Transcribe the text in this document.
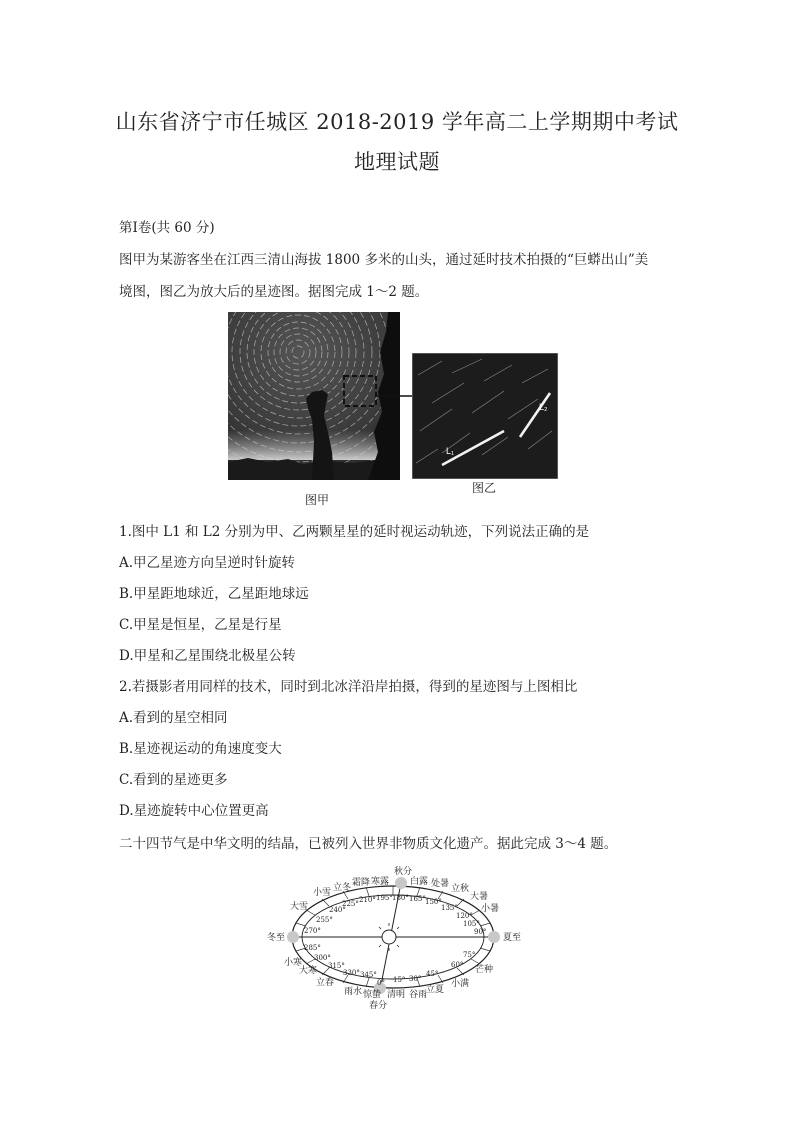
山东省济宁市任城区 2018-2019 学年高二上学期期中考试
地理试题
第Ⅰ卷(共 60 分)
图甲为某游客坐在江西三清山海拔 1800 多米的山头，通过延时技术拍摄的“巨蟒出山”美
境图，图乙为放大后的星迹图。据图完成 1～2 题。
L₁
L₂
图甲
图乙
1.图中 L1 和 L2 分别为甲、乙两颗星星的延时视运动轨迹，下列说法正确的是
A.甲乙星迹方向呈逆时针旋转
B.甲星距地球近，乙星距地球远
C.甲星是恒星，乙星是行星
D.甲星和乙星围绕北极星公转
2.若摄影者用同样的技术，同时到北冰洋沿岸拍摄，得到的星迹图与上图相比
A.看到的星空相同
B.星迹视运动的角速度变大
C.看到的星迹更多
D.星迹旋转中心位置更高
二十四节气是中华文明的结晶，已被列入世界非物质文化遗产。据此完成 3～4 题。
秋分
白露 处暑 立秋
大暑
小暑
夏至
芒种
小满
立夏
谷雨
清明
春分
惊蛰
雨水
立春
大寒
小寒
冬至
大雪
小雪 立冬 霜降 寒露
0° 15° 30°
45°
60°
75°
90°
105°
120°
135°
150°
165°
180°
195°
210°
225°
240°
255°
270°
285°
300°
315°
330° 345°
